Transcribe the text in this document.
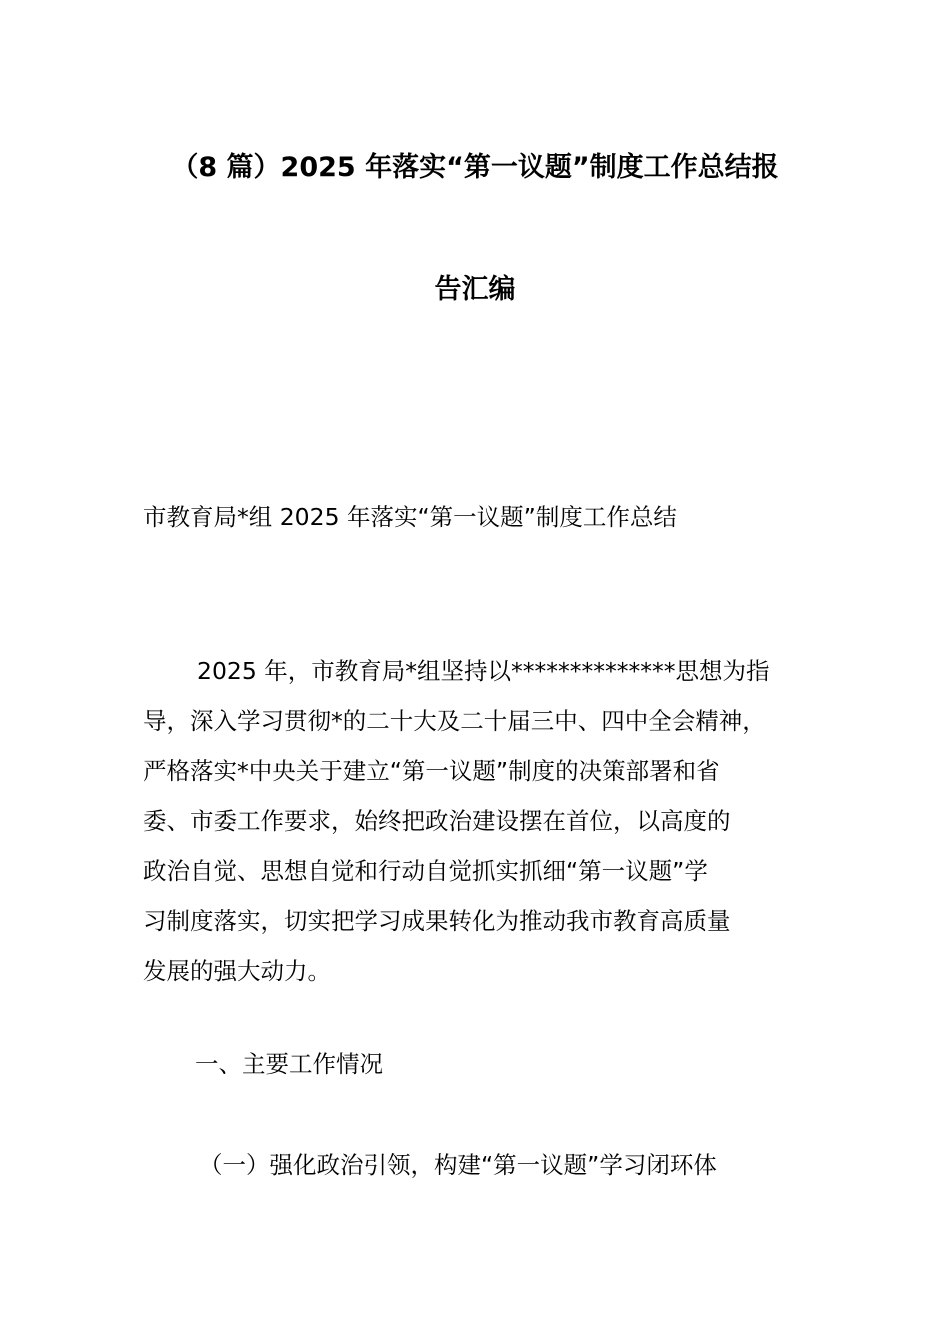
（8 篇）2025 年落实“第一议题”制度工作总结报
告汇编
市教育局*组 2025 年落实“第一议题”制度工作总结
2025 年，市教育局*组坚持以**************思想为指
导，深入学习贯彻*的二十大及二十届三中、四中全会精神，
严格落实*中央关于建立“第一议题”制度的决策部署和省
委、市委工作要求，始终把政治建设摆在首位，以高度的
政治自觉、思想自觉和行动自觉抓实抓细“第一议题”学
习制度落实，切实把学习成果转化为推动我市教育高质量
发展的强大动力。
一、主要工作情况
（一）强化政治引领，构建“第一议题”学习闭环体
